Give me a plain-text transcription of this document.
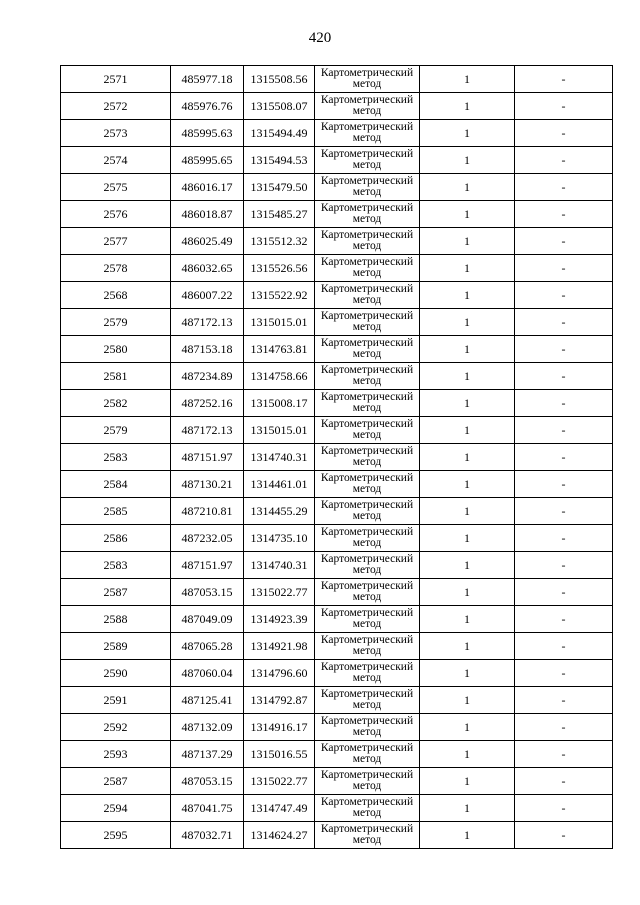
420
2571	485977.18	1315508.56	Картометрический метод	1	-
2572	485976.76	1315508.07	Картометрический метод	1	-
2573	485995.63	1315494.49	Картометрический метод	1	-
2574	485995.65	1315494.53	Картометрический метод	1	-
2575	486016.17	1315479.50	Картометрический метод	1	-
2576	486018.87	1315485.27	Картометрический метод	1	-
2577	486025.49	1315512.32	Картометрический метод	1	-
2578	486032.65	1315526.56	Картометрический метод	1	-
2568	486007.22	1315522.92	Картометрический метод	1	-
2579	487172.13	1315015.01	Картометрический метод	1	-
2580	487153.18	1314763.81	Картометрический метод	1	-
2581	487234.89	1314758.66	Картометрический метод	1	-
2582	487252.16	1315008.17	Картометрический метод	1	-
2579	487172.13	1315015.01	Картометрический метод	1	-
2583	487151.97	1314740.31	Картометрический метод	1	-
2584	487130.21	1314461.01	Картометрический метод	1	-
2585	487210.81	1314455.29	Картометрический метод	1	-
2586	487232.05	1314735.10	Картометрический метод	1	-
2583	487151.97	1314740.31	Картометрический метод	1	-
2587	487053.15	1315022.77	Картометрический метод	1	-
2588	487049.09	1314923.39	Картометрический метод	1	-
2589	487065.28	1314921.98	Картометрический метод	1	-
2590	487060.04	1314796.60	Картометрический метод	1	-
2591	487125.41	1314792.87	Картометрический метод	1	-
2592	487132.09	1314916.17	Картометрический метод	1	-
2593	487137.29	1315016.55	Картометрический метод	1	-
2587	487053.15	1315022.77	Картометрический метод	1	-
2594	487041.75	1314747.49	Картометрический метод	1	-
2595	487032.71	1314624.27	Картометрический метод	1	-
